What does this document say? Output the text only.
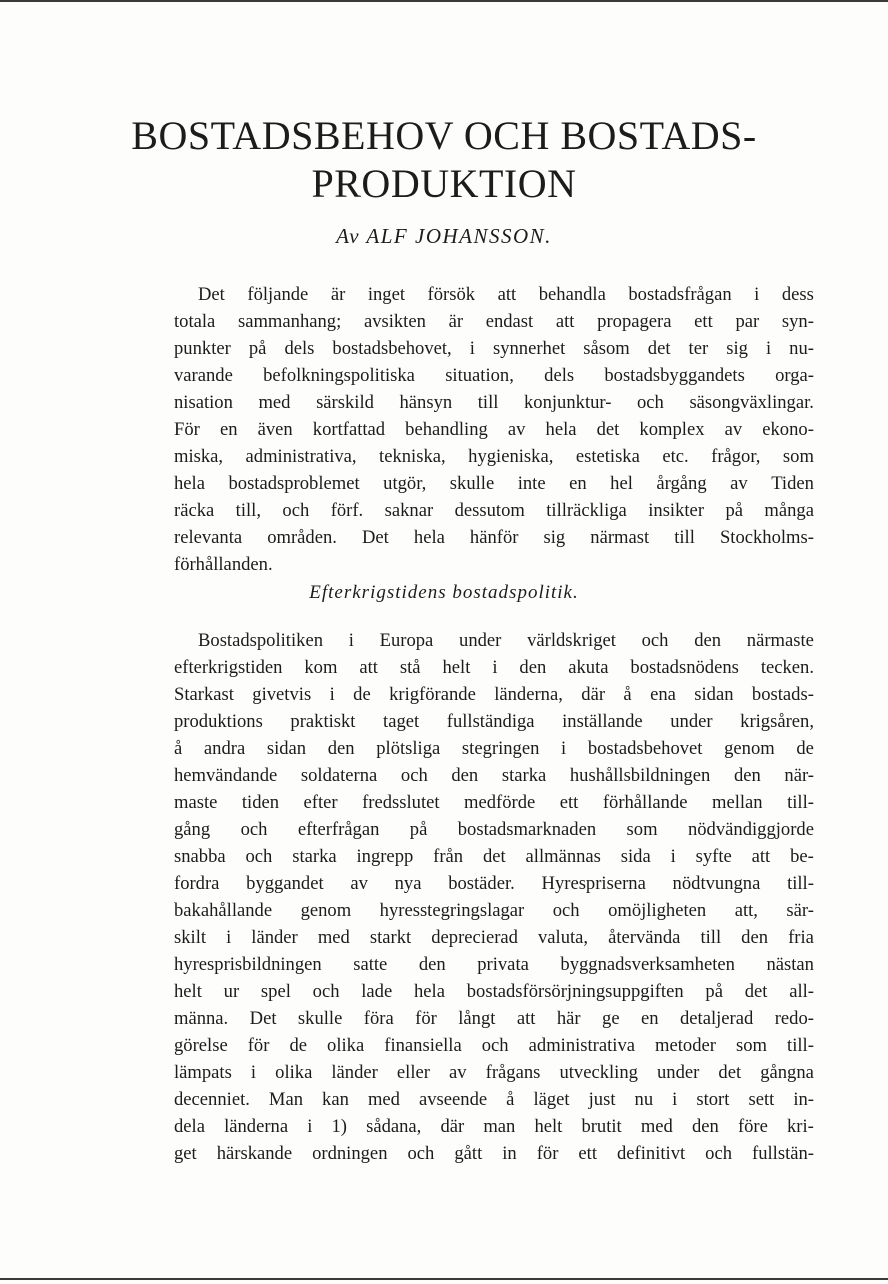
BOSTADSBEHOV OCH BOSTADS-
PRODUKTION
Av ALF JOHANSSON.
Det följande är inget försök att behandla bostadsfrågan i dess
totala sammanhang; avsikten är endast att propagera ett par syn-
punkter på dels bostadsbehovet, i synnerhet såsom det ter sig i nu-
varande befolkningspolitiska situation, dels bostadsbyggandets orga-
nisation med särskild hänsyn till konjunktur- och säsongväxlingar.
För en även kortfattad behandling av hela det komplex av ekono-
miska, administrativa, tekniska, hygieniska, estetiska etc. frågor, som
hela bostadsproblemet utgör, skulle inte en hel årgång av Tiden
räcka till, och förf. saknar dessutom tillräckliga insikter på många
relevanta områden. Det hela hänför sig närmast till Stockholms-
förhållanden.
Efterkrigstidens bostadspolitik.
Bostadspolitiken i Europa under världskriget och den närmaste
efterkrigstiden kom att stå helt i den akuta bostadsnödens tecken.
Starkast givetvis i de krigförande länderna, där å ena sidan bostads-
produktions praktiskt taget fullständiga inställande under krigsåren,
å andra sidan den plötsliga stegringen i bostadsbehovet genom de
hemvändande soldaterna och den starka hushållsbildningen den när-
maste tiden efter fredsslutet medförde ett förhållande mellan till-
gång och efterfrågan på bostadsmarknaden som nödvändiggjorde
snabba och starka ingrepp från det allmännas sida i syfte att be-
fordra byggandet av nya bostäder. Hyrespriserna nödtvungna till-
bakahållande genom hyresstegringslagar och omöjligheten att, sär-
skilt i länder med starkt deprecierad valuta, återvända till den fria
hyresprisbildningen satte den privata byggnadsverksamheten nästan
helt ur spel och lade hela bostadsförsörjningsuppgiften på det all-
männa. Det skulle föra för långt att här ge en detaljerad redo-
görelse för de olika finansiella och administrativa metoder som till-
lämpats i olika länder eller av frågans utveckling under det gångna
decenniet. Man kan med avseende å läget just nu i stort sett in-
dela länderna i 1) sådana, där man helt brutit med den före kri-
get härskande ordningen och gått in för ett definitivt och fullstän-
